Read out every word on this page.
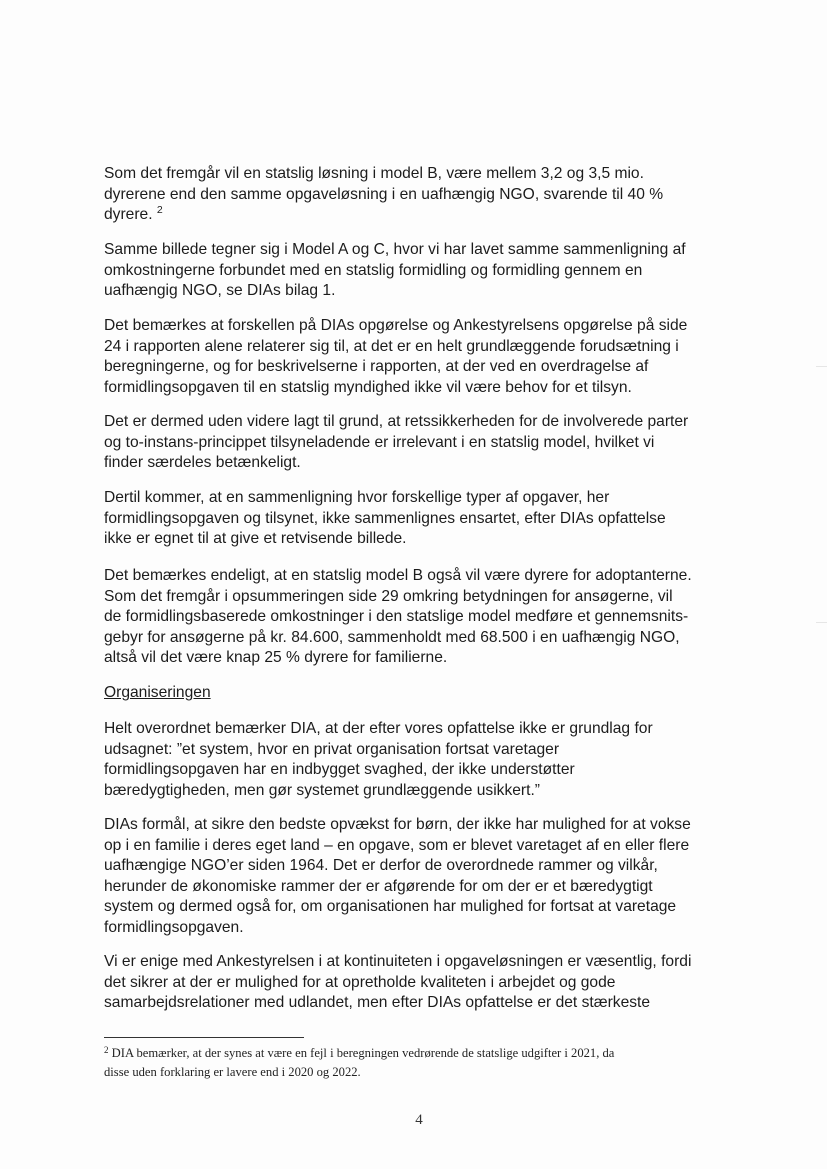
Som det fremgår vil en statslig løsning i model B, være mellem 3,2 og 3,5 mio.
dyrerene end den samme opgaveløsning i en uafhængig NGO, svarende til 40 %
dyrere. $^2$

Samme billede tegner sig i Model A og C, hvor vi har lavet samme sammenligning af
omkostningerne forbundet med en statslig formidling og formidling gennem en
uafhængig NGO, se DIAs bilag 1.

Det bemærkes at forskellen på DIAs opgørelse og Ankestyrelsens opgørelse på side
24 i rapporten alene relaterer sig til, at det er en helt grundlæggende forudsætning i
beregningerne, og for beskrivelserne i rapporten, at der ved en overdragelse af
formidlingsopgaven til en statslig myndighed ikke vil være behov for et tilsyn.

Det er dermed uden videre lagt til grund, at retssikkerheden for de involverede parter
og to-instans-princippet tilsyneladende er irrelevant i en statslig model, hvilket vi
finder særdeles betænkeligt.

Dertil kommer, at en sammenligning hvor forskellige typer af opgaver, her
formidlingsopgaven og tilsynet, ikke sammenlignes ensartet, efter DIAs opfattelse
ikke er egnet til at give et retvisende billede.

Det bemærkes endeligt, at en statslig model B også vil være dyrere for adoptanterne.
Som det fremgår i opsummeringen side 29 omkring betydningen for ansøgerne, vil
de formidlingsbaserede omkostninger i den statslige model medføre et gennemsnits-
gebyr for ansøgerne på kr. 84.600, sammenholdt med 68.500 i en uafhængig NGO,
altså vil det være knap 25 % dyrere for familierne.

Organiseringen

Helt overordnet bemærker DIA, at der efter vores opfattelse ikke er grundlag for
udsagnet: ”et system, hvor en privat organisation fortsat varetager
formidlingsopgaven har en indbygget svaghed, der ikke understøtter
bæredygtigheden, men gør systemet grundlæggende usikkert.”

DIAs formål, at sikre den bedste opvækst for børn, der ikke har mulighed for at vokse
op i en familie i deres eget land – en opgave, som er blevet varetaget af en eller flere
uafhængige NGO’er siden 1964. Det er derfor de overordnede rammer og vilkår,
herunder de økonomiske rammer der er afgørende for om der er et bæredygtigt
system og dermed også for, om organisationen har mulighed for fortsat at varetage
formidlingsopgaven.

Vi er enige med Ankestyrelsen i at kontinuiteten i opgaveløsningen er væsentlig, fordi
det sikrer at der er mulighed for at opretholde kvaliteten i arbejdet og gode
samarbejdsrelationer med udlandet, men efter DIAs opfattelse er det stærkeste

$^2$ DIA bemærker, at der synes at være en fejl i beregningen vedrørende de statslige udgifter i 2021, da
disse uden forklaring er lavere end i 2020 og 2022.
4
